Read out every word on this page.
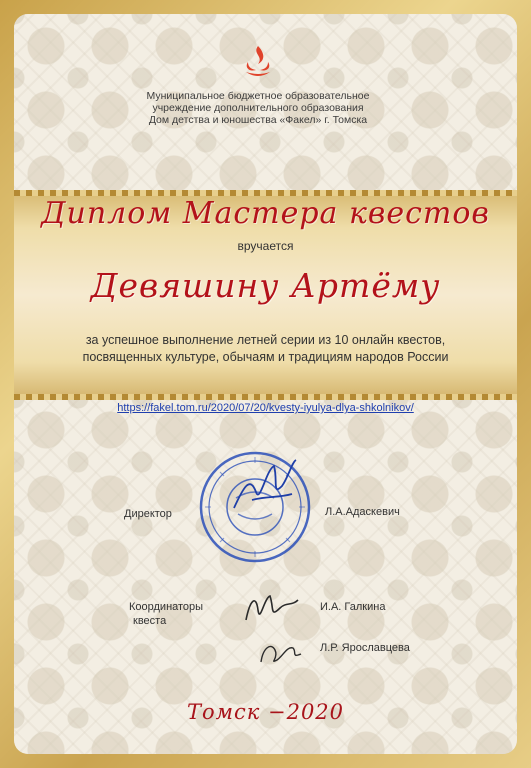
Муниципальное бюджетное образовательное
учреждение дополнительного образования
Дом детства и юношества «Факел» г. Томска
Диплом Мастера квестов
вручается
Девяшину Артёму
за успешное выполнение летней серии из 10 онлайн квестов,
посвященных культуре, обычаям и традициям народов России
https://fakel.tom.ru/2020/07/20/kvesty-iyulya-dlya-shkolnikov/
Директор	Л.А.Адаскевич
Координаторы
квеста
И.А. Галкина
Л.Р. Ярославцева
Томск −2020
